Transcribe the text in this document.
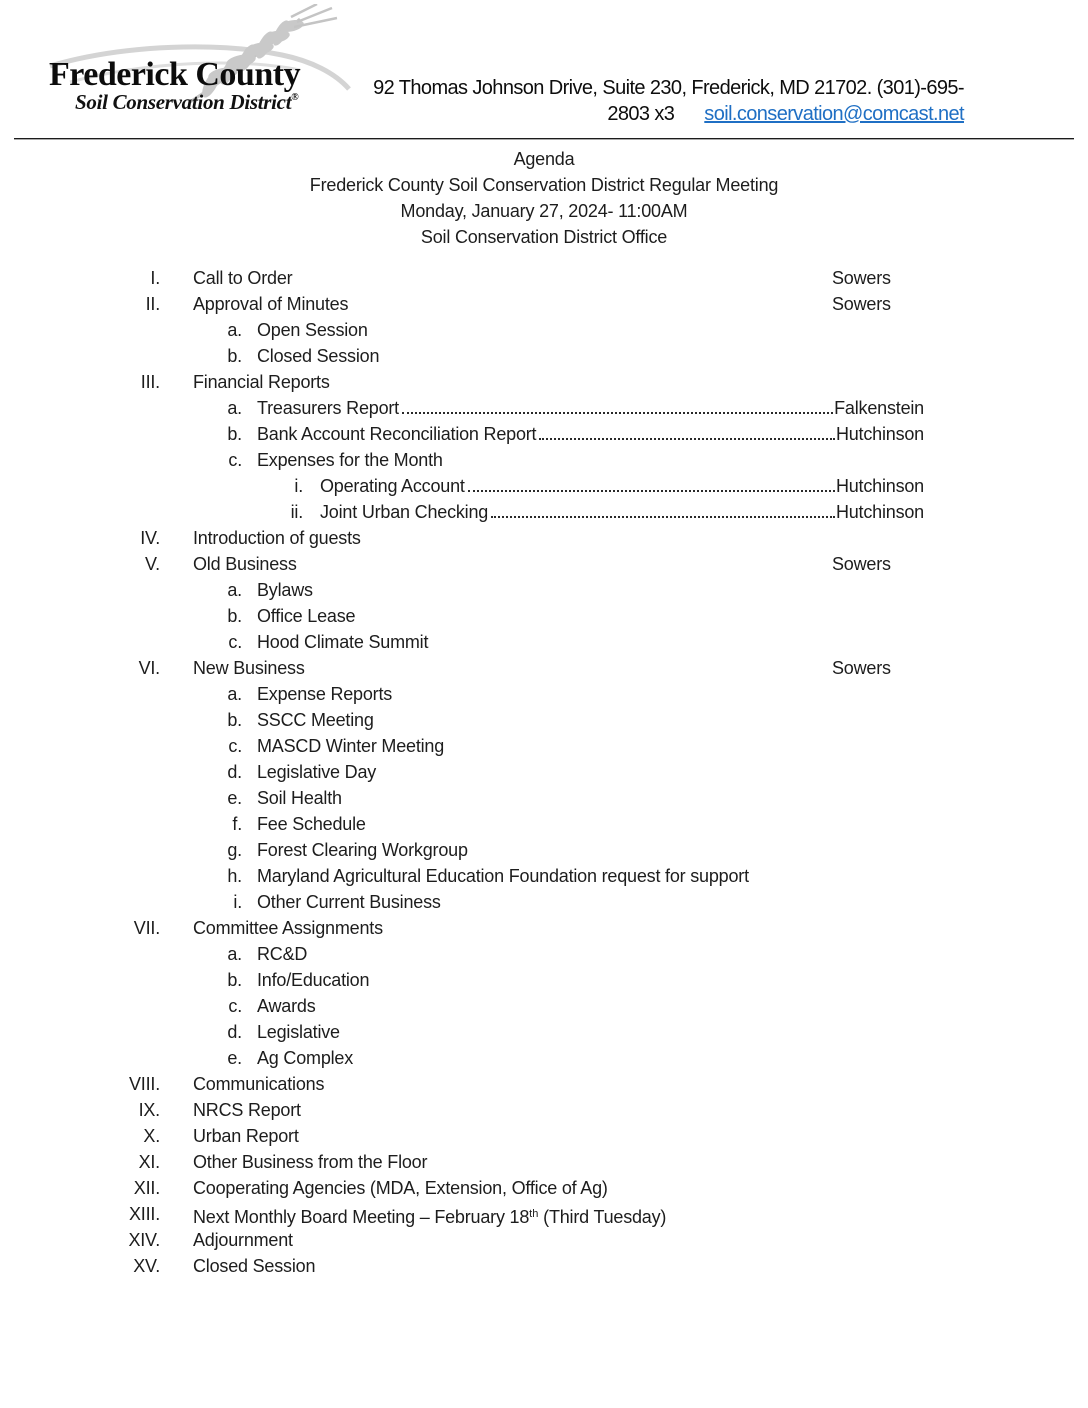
Frederick County
Soil Conservation District®	92 Thomas Johnson Drive, Suite 230, Frederick, MD 21702. (301)-695-
2803 x3 soil.conservation@comcast.net
Agenda
Frederick County Soil Conservation District Regular Meeting
Monday, January 27, 2024- 11:00AM
Soil Conservation District Office
I. Call to Order	Sowers
II. Approval of Minutes	Sowers
a. Open Session
b. Closed Session
III. Financial Reports
a. Treasurers Report	Falkenstein
b. Bank Account Reconciliation Report	Hutchinson
c. Expenses for the Month
i. Operating Account	Hutchinson
ii. Joint Urban Checking	Hutchinson
IV. Introduction of guests
V. Old Business	Sowers
a. Bylaws
b. Office Lease
c. Hood Climate Summit
VI. New Business	Sowers
a. Expense Reports
b. SSCC Meeting
c. MASCD Winter Meeting
d. Legislative Day
e. Soil Health
f. Fee Schedule
g. Forest Clearing Workgroup
h. Maryland Agricultural Education Foundation request for support
i. Other Current Business
VII. Committee Assignments
a. RC&D
b. Info/Education
c. Awards
d. Legislative
e. Ag Complex
VIII. Communications
IX. NRCS Report
X. Urban Report
XI. Other Business from the Floor
XII. Cooperating Agencies (MDA, Extension, Office of Ag)
XIII. Next Monthly Board Meeting – February 18th (Third Tuesday)
XIV. Adjournment
XV. Closed Session
